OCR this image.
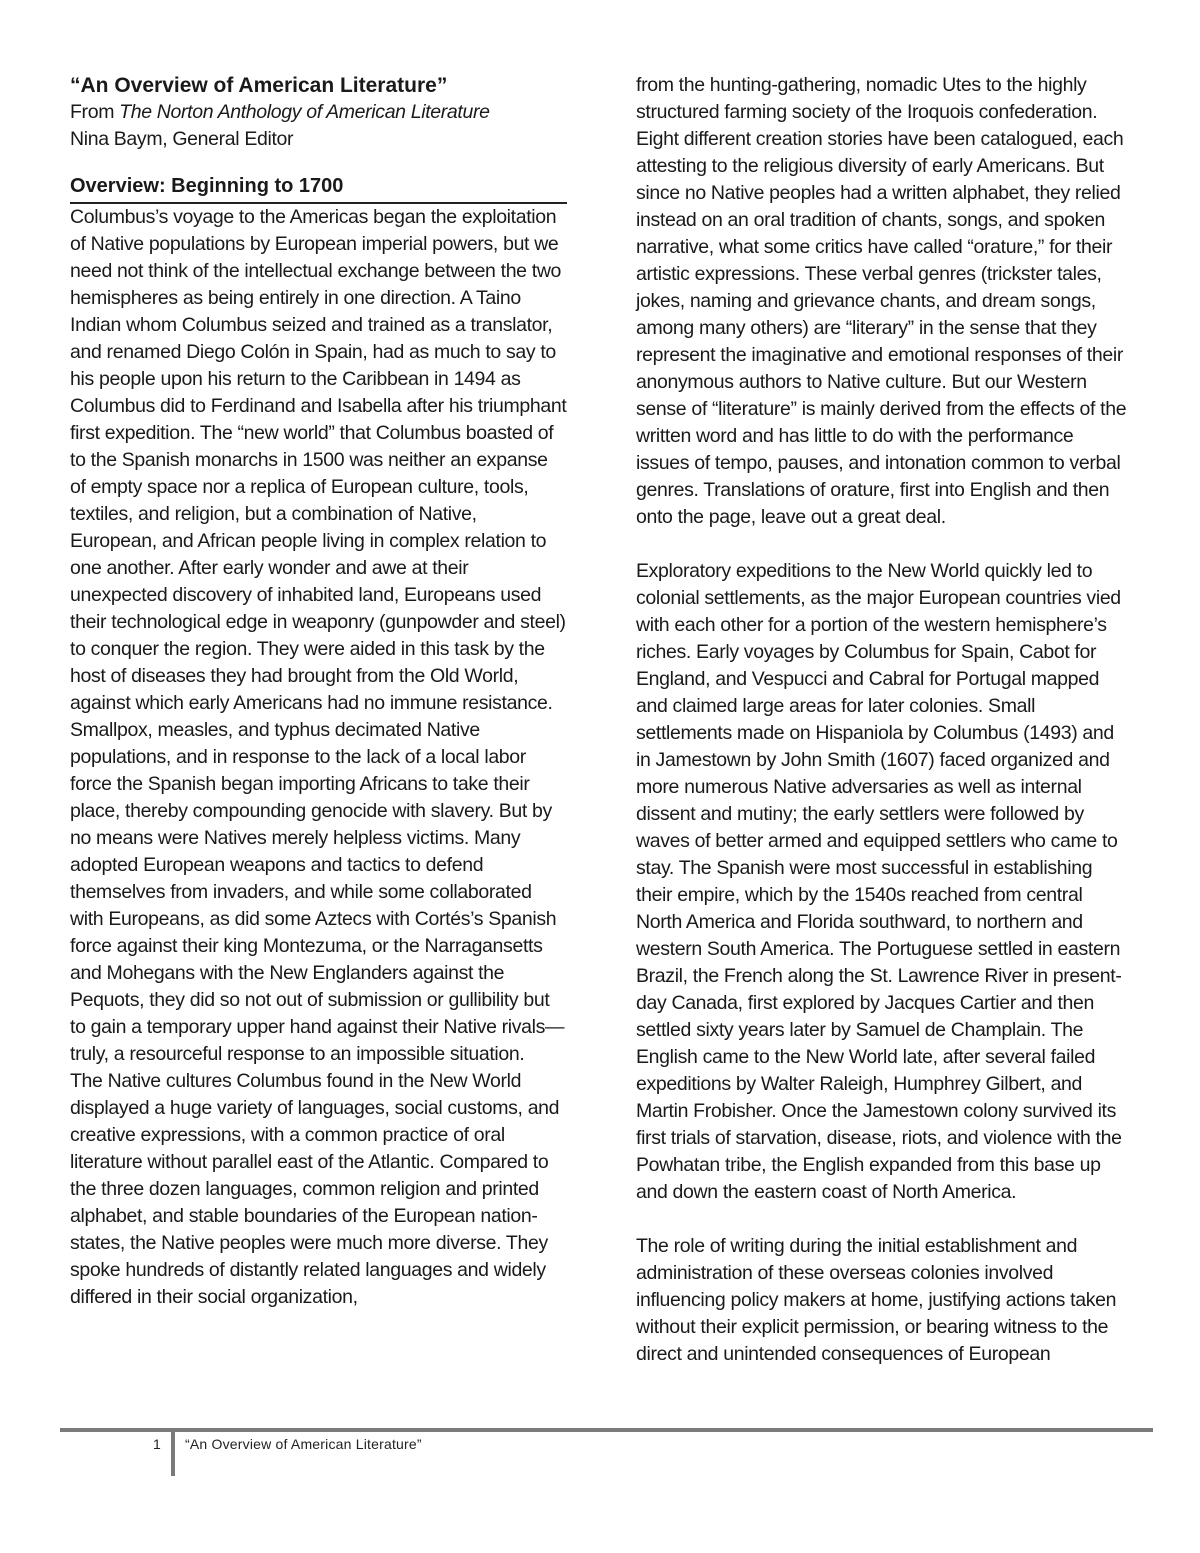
“An Overview of American Literature”

From The Norton Anthology of American Literature

Nina Baym, General Editor

Overview: Beginning to 1700

Columbus’s voyage to the Americas began the exploitation of Native populations by European imperial powers, but we need not think of the intellectual exchange between the two hemispheres as being entirely in one direction. A Taino Indian whom Columbus seized and trained as a translator, and renamed Diego Colón in Spain, had as much to say to his people upon his return to the Caribbean in 1494 as Columbus did to Ferdinand and Isabella after his triumphant first expedition. The “new world” that Columbus boasted of to the Spanish monarchs in 1500 was neither an expanse of empty space nor a replica of European culture, tools, textiles, and religion, but a combination of Native, European, and African people living in complex relation to one another. After early wonder and awe at their unexpected discovery of inhabited land, Europeans used their technological edge in weaponry (gunpowder and steel) to conquer the region. They were aided in this task by the host of diseases they had brought from the Old World, against which early Americans had no immune resistance. Smallpox, measles, and typhus decimated Native populations, and in response to the lack of a local labor force the Spanish began importing Africans to take their place, thereby compounding genocide with slavery. But by no means were Natives merely helpless victims. Many adopted European weapons and tactics to defend themselves from invaders, and while some collaborated with Europeans, as did some Aztecs with Cortés’s Spanish force against their king Montezuma, or the Narragansetts and Mohegans with the New Englanders against the Pequots, they did so not out of submission or gullibility but to gain a temporary upper hand against their Native rivals—truly, a resourceful response to an impossible situation.

The Native cultures Columbus found in the New World displayed a huge variety of languages, social customs, and creative expressions, with a common practice of oral literature without parallel east of the Atlantic. Compared to the three dozen languages, common religion and printed alphabet, and stable boundaries of the European nation-states, the Native peoples were much more diverse. They spoke hundreds of distantly related languages and widely differed in their social organization,

from the hunting-gathering, nomadic Utes to the highly structured farming society of the Iroquois confederation. Eight different creation stories have been catalogued, each attesting to the religious diversity of early Americans. But since no Native peoples had a written alphabet, they relied instead on an oral tradition of chants, songs, and spoken narrative, what some critics have called “orature,” for their artistic expressions. These verbal genres (trickster tales, jokes, naming and grievance chants, and dream songs, among many others) are “literary” in the sense that they represent the imaginative and emotional responses of their anonymous authors to Native culture. But our Western sense of “literature” is mainly derived from the effects of the written word and has little to do with the performance issues of tempo, pauses, and intonation common to verbal genres. Translations of orature, first into English and then onto the page, leave out a great deal.

Exploratory expeditions to the New World quickly led to colonial settlements, as the major European countries vied with each other for a portion of the western hemisphere’s riches. Early voyages by Columbus for Spain, Cabot for England, and Vespucci and Cabral for Portugal mapped and claimed large areas for later colonies. Small settlements made on Hispaniola by Columbus (1493) and in Jamestown by John Smith (1607) faced organized and more numerous Native adversaries as well as internal dissent and mutiny; the early settlers were followed by waves of better armed and equipped settlers who came to stay. The Spanish were most successful in establishing their empire, which by the 1540s reached from central North America and Florida southward, to northern and western South America. The Portuguese settled in eastern Brazil, the French along the St. Lawrence River in present-day Canada, first explored by Jacques Cartier and then settled sixty years later by Samuel de Champlain. The English came to the New World late, after several failed expeditions by Walter Raleigh, Humphrey Gilbert, and Martin Frobisher. Once the Jamestown colony survived its first trials of starvation, disease, riots, and violence with the Powhatan tribe, the English expanded from this base up and down the eastern coast of North America.

The role of writing during the initial establishment and administration of these overseas colonies involved influencing policy makers at home, justifying actions taken without their explicit permission, or bearing witness to the direct and unintended consequences of European

1 “An Overview of American Literature”
